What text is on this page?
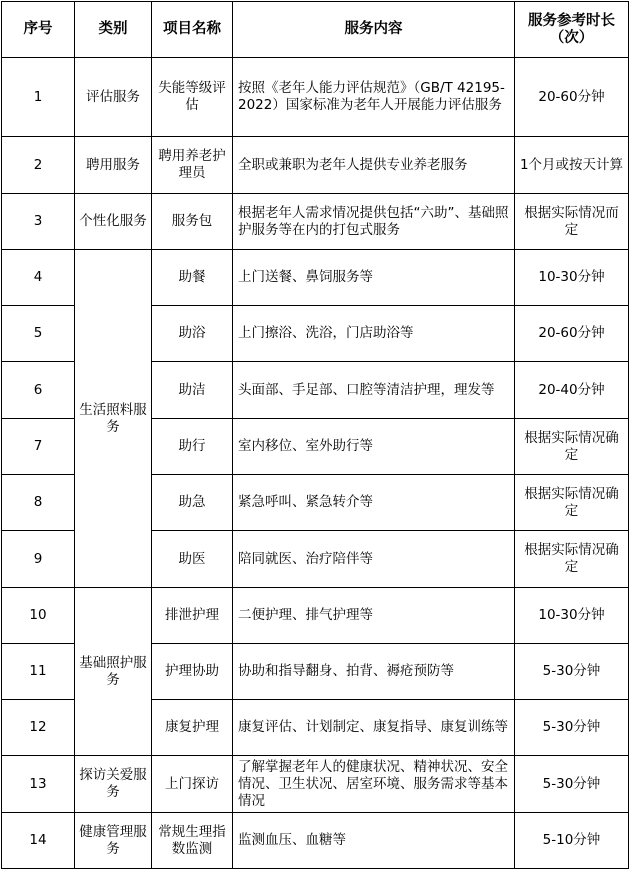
序号	类别	项目名称	服务内容	服务参考时长（次）
1	评估服务	失能等级评估	按照《老年人能力评估规范》（GB/T 42195-2022）国家标准为老年人开展能力评估服务	20-60分钟
2	聘用服务	聘用养老护理员	全职或兼职为老年人提供专业养老服务	1个月或按天计算
3	个性化服务	服务包	根据老年人需求情况提供包括“六助”、基础照护服务等在内的打包式服务	根据实际情况而定
4	生活照料服务	助餐	上门送餐、鼻饲服务等	10-30分钟
5		助浴	上门擦浴、洗浴，门店助浴等	20-60分钟
6		助洁	头面部、手足部、口腔等清洁护理，理发等	20-40分钟
7		助行	室内移位、室外助行等	根据实际情况确定
8		助急	紧急呼叫、紧急转介等	根据实际情况确定
9		助医	陪同就医、治疗陪伴等	根据实际情况确定
10	基础照护服务	排泄护理	二便护理、排气护理等	10-30分钟
11		护理协助	协助和指导翻身、拍背、褥疮预防等	5-30分钟
12		康复护理	康复评估、计划制定、康复指导、康复训练等	5-30分钟
13	探访关爱服务	上门探访	了解掌握老年人的健康状况、精神状况、安全情况、卫生状况、居室环境、服务需求等基本情况	5-30分钟
14	健康管理服务	常规生理指数监测	监测血压、血糖等	5-10分钟
